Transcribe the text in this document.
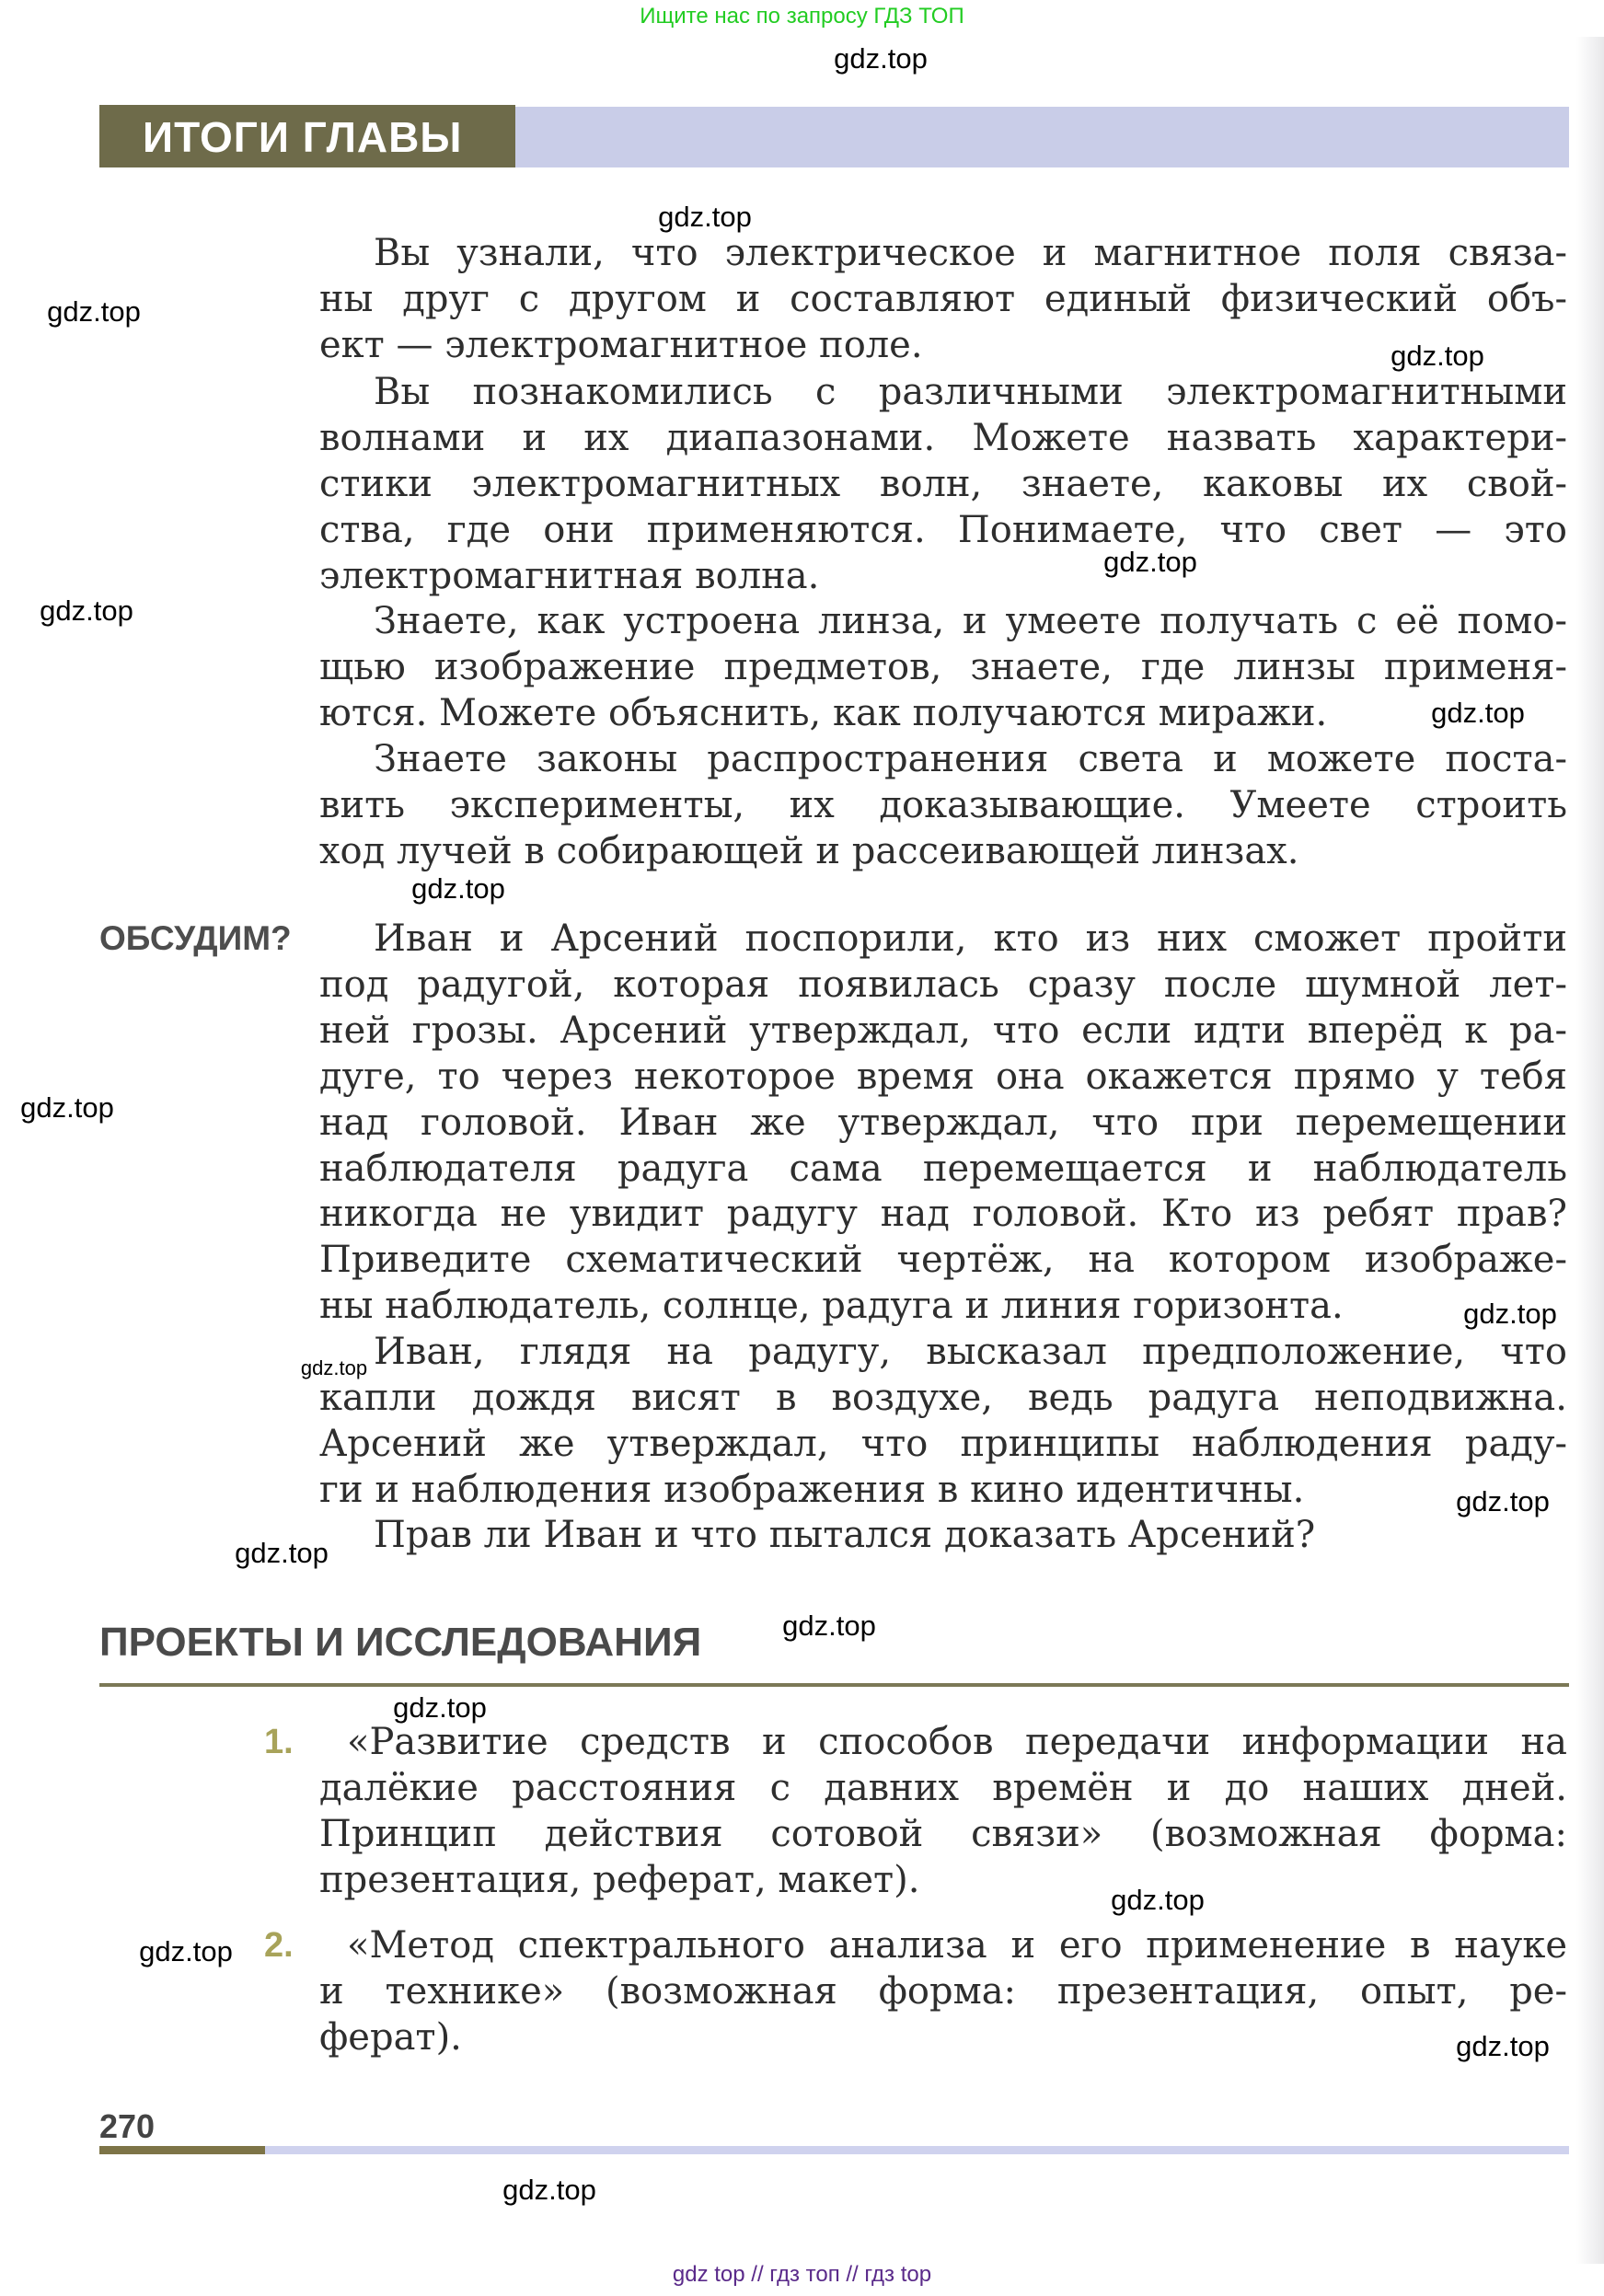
Ищите нас по запросу ГДЗ ТОП
ИТОГИ ГЛАВЫ
Вы узнали, что электрическое и магнитное поля связа-
ны друг с другом и составляют единый физический объ-
ект — электромагнитное поле.
Вы познакомились с различными электромагнитными
волнами и их диапазонами. Можете назвать характери-
стики электромагнитных волн, знаете, каковы их свой-
ства, где они применяются. Понимаете, что свет — это
электромагнитная волна.
Знаете, как устроена линза, и умеете получать с её помо-
щью изображение предметов, знаете, где линзы применя-
ются. Можете объяснить, как получаются миражи.
Знаете законы распространения света и можете поста-
вить эксперименты, их доказывающие. Умеете строить
ход лучей в собирающей и рассеивающей линзах.
Иван и Арсений поспорили, кто из них сможет пройти
под радугой, которая появилась сразу после шумной лет-
ней грозы. Арсений утверждал, что если идти вперёд к ра-
дуге, то через некоторое время она окажется прямо у тебя
над головой. Иван же утверждал, что при перемещении
наблюдателя радуга сама перемещается и наблюдатель
никогда не увидит радугу над головой. Кто из ребят прав?
Приведите схематический чертёж, на котором изображе-
ны наблюдатель, солнце, радуга и линия горизонта.
Иван, глядя на радугу, высказал предположение, что
капли дождя висят в воздухе, ведь радуга неподвижна.
Арсений же утверждал, что принципы наблюдения раду-
ги и наблюдения изображения в кино идентичны.
Прав ли Иван и что пытался доказать Арсений?
«Развитие средств и способов передачи информации на
далёкие расстояния с давних времён и до наших дней.
Принцип действия сотовой связи» (возможная форма:
презентация, реферат, макет).
«Метод спектрального анализа и его применение в науке
и технике» (возможная форма: презентация, опыт, ре-
ферат).
ОБСУДИМ?
ПРОЕКТЫ И ИССЛЕДОВАНИЯ
1.
2.
270
gdz.top
gdz.top
gdz.top
gdz.top
gdz.top
gdz.top
gdz.top
gdz.top
gdz.top
gdz.top
gdz.top
gdz.top
gdz.top
gdz.top
gdz.top
gdz.top
gdz.top
gdz.top
gdz.top
gdz top // гдз топ // гдз top
